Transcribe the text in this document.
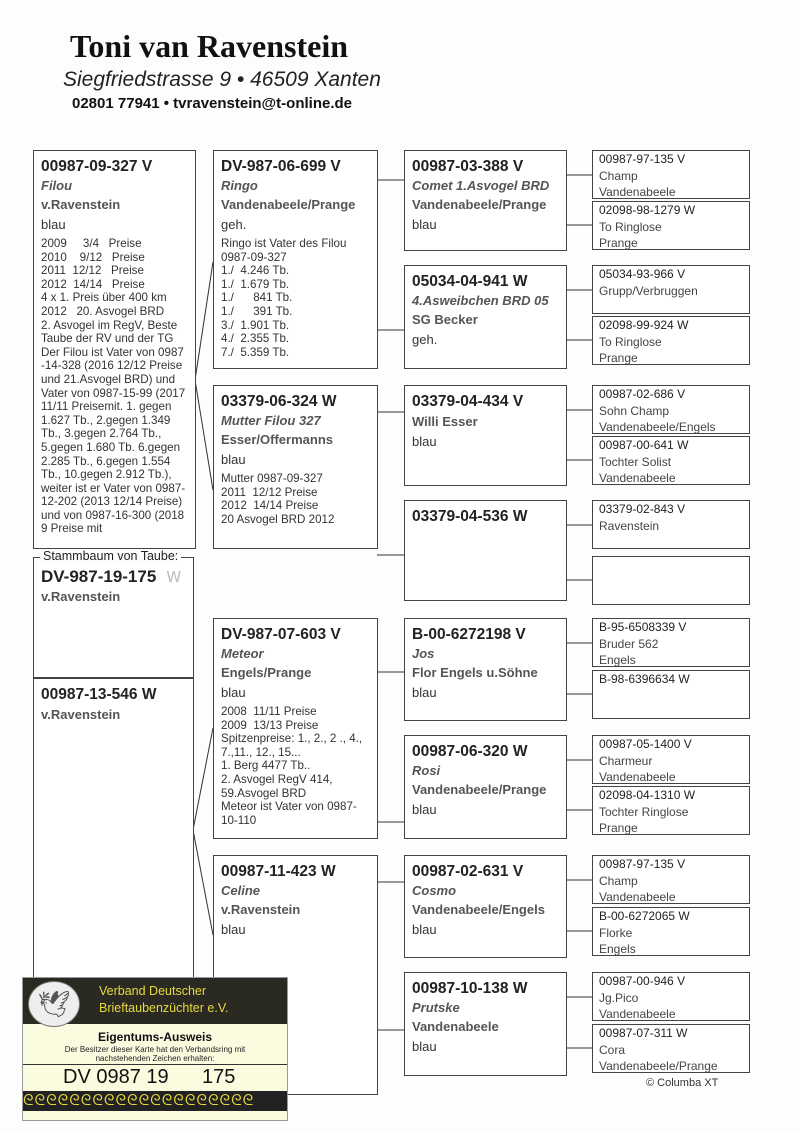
Toni van Ravenstein
Siegfriedstrasse 9 • 46509 Xanten
02801 77941 • tvravenstein@t-online.de
00987-09-327 V
Filou
v.Ravenstein
blau
2009     3/4   Preise
2010    9/12   Preise
2011  12/12   Preise
2012  14/14   Preise
4 x 1. Preis über 400 km
2012   20. Asvogel BRD
2. Asvogel im RegV, Beste Taube der RV und der TG
Der Filou ist Vater von 0987 -14-328 (2016 12/12 Preise und 21.Asvogel BRD) und Vater von 0987-15-99 (2017 11/11 Preisemit. 1. gegen 1.627 Tb., 2.gegen 1.349 Tb., 3.gegen 2.764 Tb., 5.gegen 1.680 Tb. 6.gegen 2.285 Tb., 6.gegen 1.554 Tb., 10.gegen 2.912 Tb.), weiter ist er Vater von 0987-12-202 (2013 12/14 Preise) und von 0987-16-300 (2018 9 Preise mit
DV-987-19-175 W
v.Ravenstein
Stammbaum von Taube:
00987-13-546 W
v.Ravenstein
DV-987-06-699 V
Ringo
Vandenabeele/Prange
geh.
Ringo ist Vater des Filou
0987-09-327
1./  4.246 Tb.
1./  1.679 Tb.
1./      841 Tb.
1./      391 Tb.
3./  1.901 Tb.
4./  2.355 Tb.
7./  5.359 Tb.
03379-06-324 W
Mutter Filou 327
Esser/Offermanns
blau
Mutter 0987-09-327
2011  12/12 Preise
2012  14/14 Preise
20 Asvogel BRD 2012
DV-987-07-603 V
Meteor
Engels/Prange
blau
2008  11/11 Preise
2009  13/13 Preise
Spitzenpreise: 1., 2., 2 ., 4., 7.,11., 12., 15...
1. Berg 4477 Tb..
2. Asvogel RegV 414,
59.Asvogel BRD
Meteor ist Vater von 0987-10-110
00987-11-423 W
Celine
v.Ravenstein
blau
00987-03-388 V
Comet 1.Asvogel BRD
Vandenabeele/Prange
blau
05034-04-941 W
4.Asweibchen BRD 05
SG Becker
geh.
03379-04-434 V
Willi Esser
blau
03379-04-536 W
B-00-6272198 V
Jos
Flor Engels u.Söhne
blau
00987-06-320 W
Rosi
Vandenabeele/Prange
blau
00987-02-631 V
Cosmo
Vandenabeele/Engels
blau
00987-10-138 W
Prutske
Vandenabeele
blau
00987-97-135 V
Champ
Vandenabeele
02098-98-1279 W
To Ringlose
Prange
05034-93-966 V
Grupp/Verbruggen
02098-99-924 W
To Ringlose
Prange
00987-02-686 V
Sohn Champ
Vandenabeele/Engels
00987-00-641 W
Tochter Solist
Vandenabeele
03379-02-843 V
Ravenstein
B-95-6508339 V
Bruder 562
Engels
B-98-6396634 W
00987-05-1400 V
Charmeur
Vandenabeele
02098-04-1310 W
Tochter Ringlose
Prange
00987-97-135 V
Champ
Vandenabeele
B-00-6272065 W
Florke
Engels
00987-00-946 V
Jg.Pico
Vandenabeele
00987-07-311 W
Cora
Vandenabeele/Prange
© Columba XT
🕊	Verband Deutscher
Brieftaubenzüchter e.V.
Eigentums-Ausweis
Der Besitzer dieser Karte hat den Verbandsring mit nachstehenden Zeichen erhalten:
DV 0987 19      175
ᘓᘓᘓᘓᘓᘓᘓᘓᘓᘓᘓᘓᘓᘓᘓᘓᘓᘓᘓᘓ
